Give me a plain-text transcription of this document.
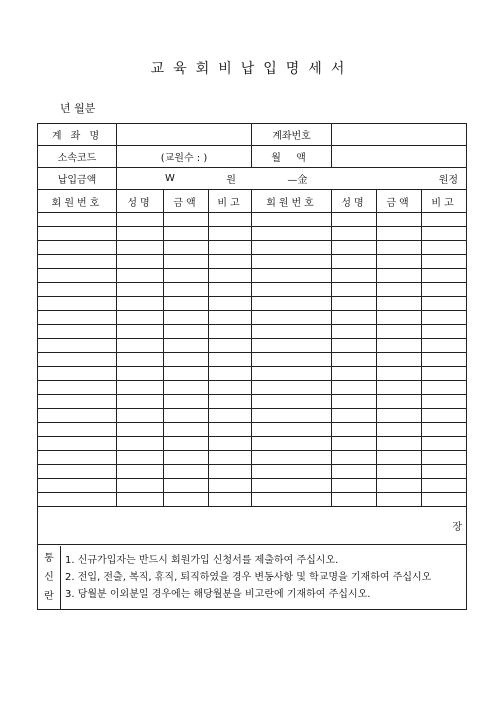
교육회비납입명세서
년 월분
계 좌 명		계좌번호	
소속코드	(교원수 : )	월 액	
납입금액	W	원	—金	원정

회원번호	성명	금액	비고	회원번호	성명	금액	비고

장

통
신
란

1. 신규가입자는 반드시 회원가입 신청서를 제출하여 주십시오.
2. 전입, 전출, 복직, 휴직, 퇴직하였을 경우 변동사항 및 학교명을 기재하여 주십시오
3. 당월분 이외분일 경우에는 해당월분을 비고란에 기재하여 주십시오.
